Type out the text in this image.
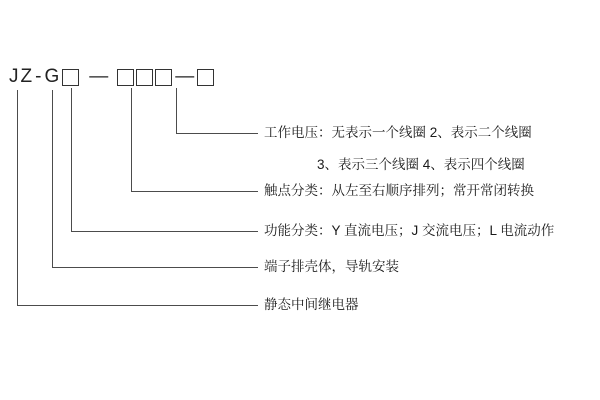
J Z - G —	—
工作电压：无表示一个线圈 2、表示二个线圈
3、表示三个线圈 4、表示四个线圈
触点分类：从左至右顺序排列；常开常闭转换
功能分类：Y 直流电压；J 交流电压；L 电流动作
端子排壳体，导轨安装
静态中间继电器
